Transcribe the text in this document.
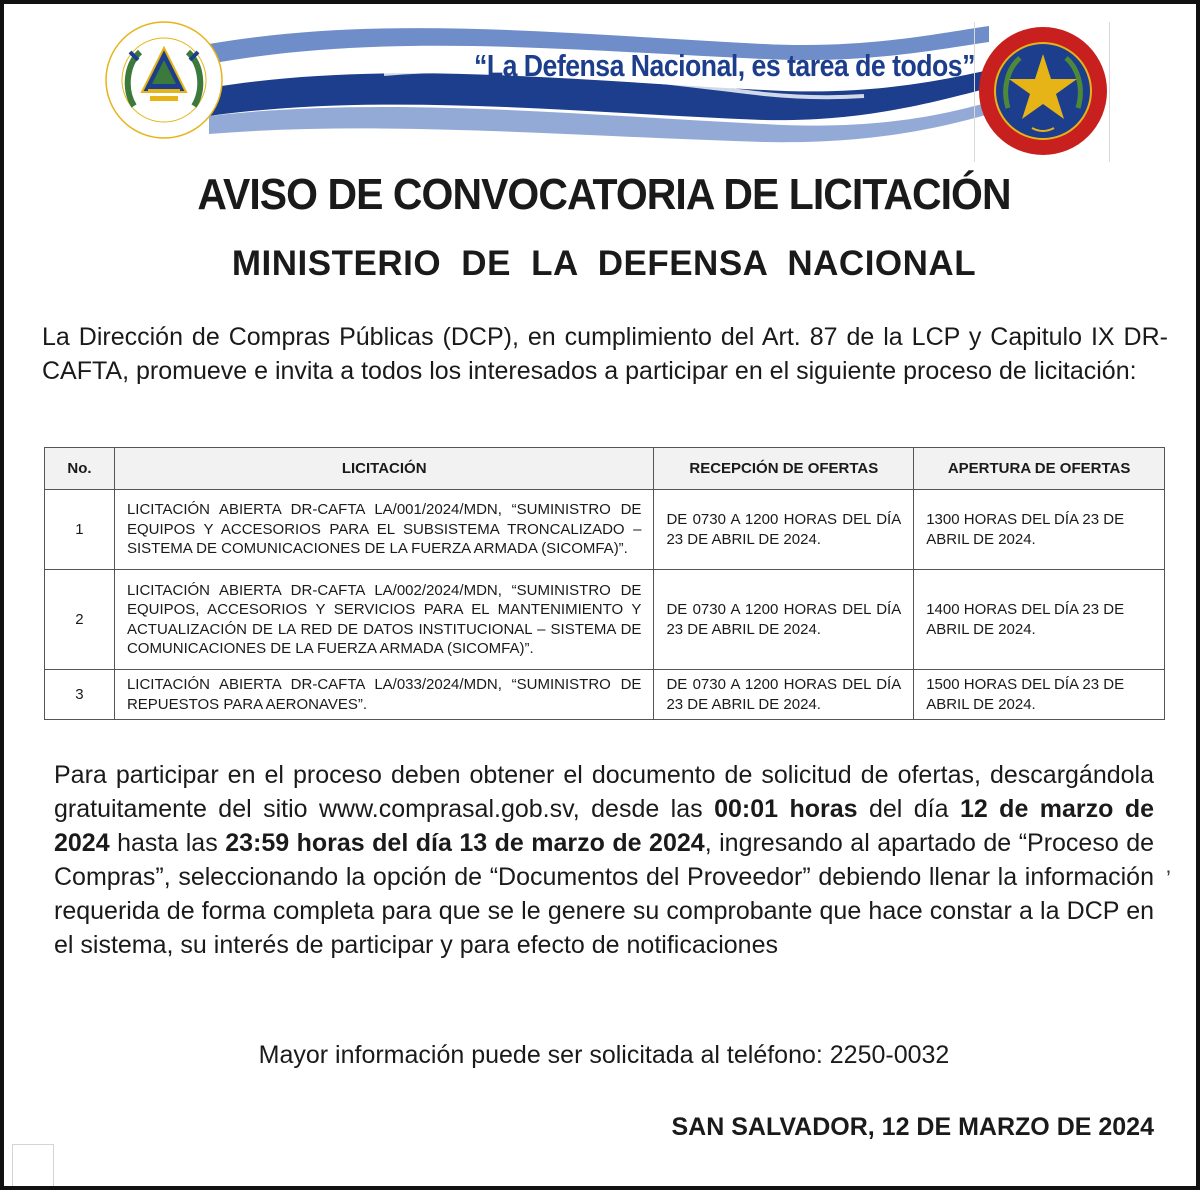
“La Defensa Nacional, es tarea de todos”
AVISO DE CONVOCATORIA DE LICITACIÓN
MINISTERIO DE LA DEFENSA NACIONAL

La Dirección de Compras Públicas (DCP), en cumplimiento del Art. 87 de la LCP y Capitulo IX DR-CAFTA, promueve e invita a todos los interesados a participar en el siguiente proceso de licitación:

No.	LICITACIÓN	RECEPCIÓN DE OFERTAS	APERTURA DE OFERTAS
1	LICITACIÓN ABIERTA DR-CAFTA LA/001/2024/MDN, “SUMINISTRO DE EQUIPOS Y ACCESORIOS PARA EL SUBSISTEMA TRONCALIZADO – SISTEMA DE COMUNICACIONES DE LA FUERZA ARMADA (SICOMFA)”.	DE 0730 A 1200 HORAS DEL DÍA 23 DE ABRIL DE 2024.	1300 HORAS DEL DÍA 23 DE ABRIL DE 2024.
2	LICITACIÓN ABIERTA DR-CAFTA LA/002/2024/MDN, “SUMINISTRO DE EQUIPOS, ACCESORIOS Y SERVICIOS PARA EL MANTENIMIENTO Y ACTUALIZACIÓN DE LA RED DE DATOS INSTITUCIONAL – SISTEMA DE COMUNICACIONES DE LA FUERZA ARMADA (SICOMFA)”.	DE 0730 A 1200 HORAS DEL DÍA 23 DE ABRIL DE 2024.	1400 HORAS DEL DÍA 23 DE ABRIL DE 2024.
3	LICITACIÓN ABIERTA DR-CAFTA LA/033/2024/MDN, “SUMINISTRO DE REPUESTOS PARA AERONAVES”.	DE 0730 A 1200 HORAS DEL DÍA 23 DE ABRIL DE 2024.	1500 HORAS DEL DÍA 23 DE ABRIL DE 2024.

Para participar en el proceso deben obtener el documento de solicitud de ofertas, descargándola gratuitamente del sitio www.comprasal.gob.sv, desde las 00:01 horas del día 12 de marzo de 2024 hasta las 23:59 horas del día 13 de marzo de 2024, ingresando al apartado de “Proceso de Compras”, seleccionando la opción de “Documentos del Proveedor” debiendo llenar la información requerida de forma completa para que se le genere su comprobante que hace constar a la DCP en el sistema, su interés de participar y para efecto de notificaciones

’
Mayor información puede ser solicitada al teléfono: 2250-0032
SAN SALVADOR, 12 DE MARZO DE 2024
